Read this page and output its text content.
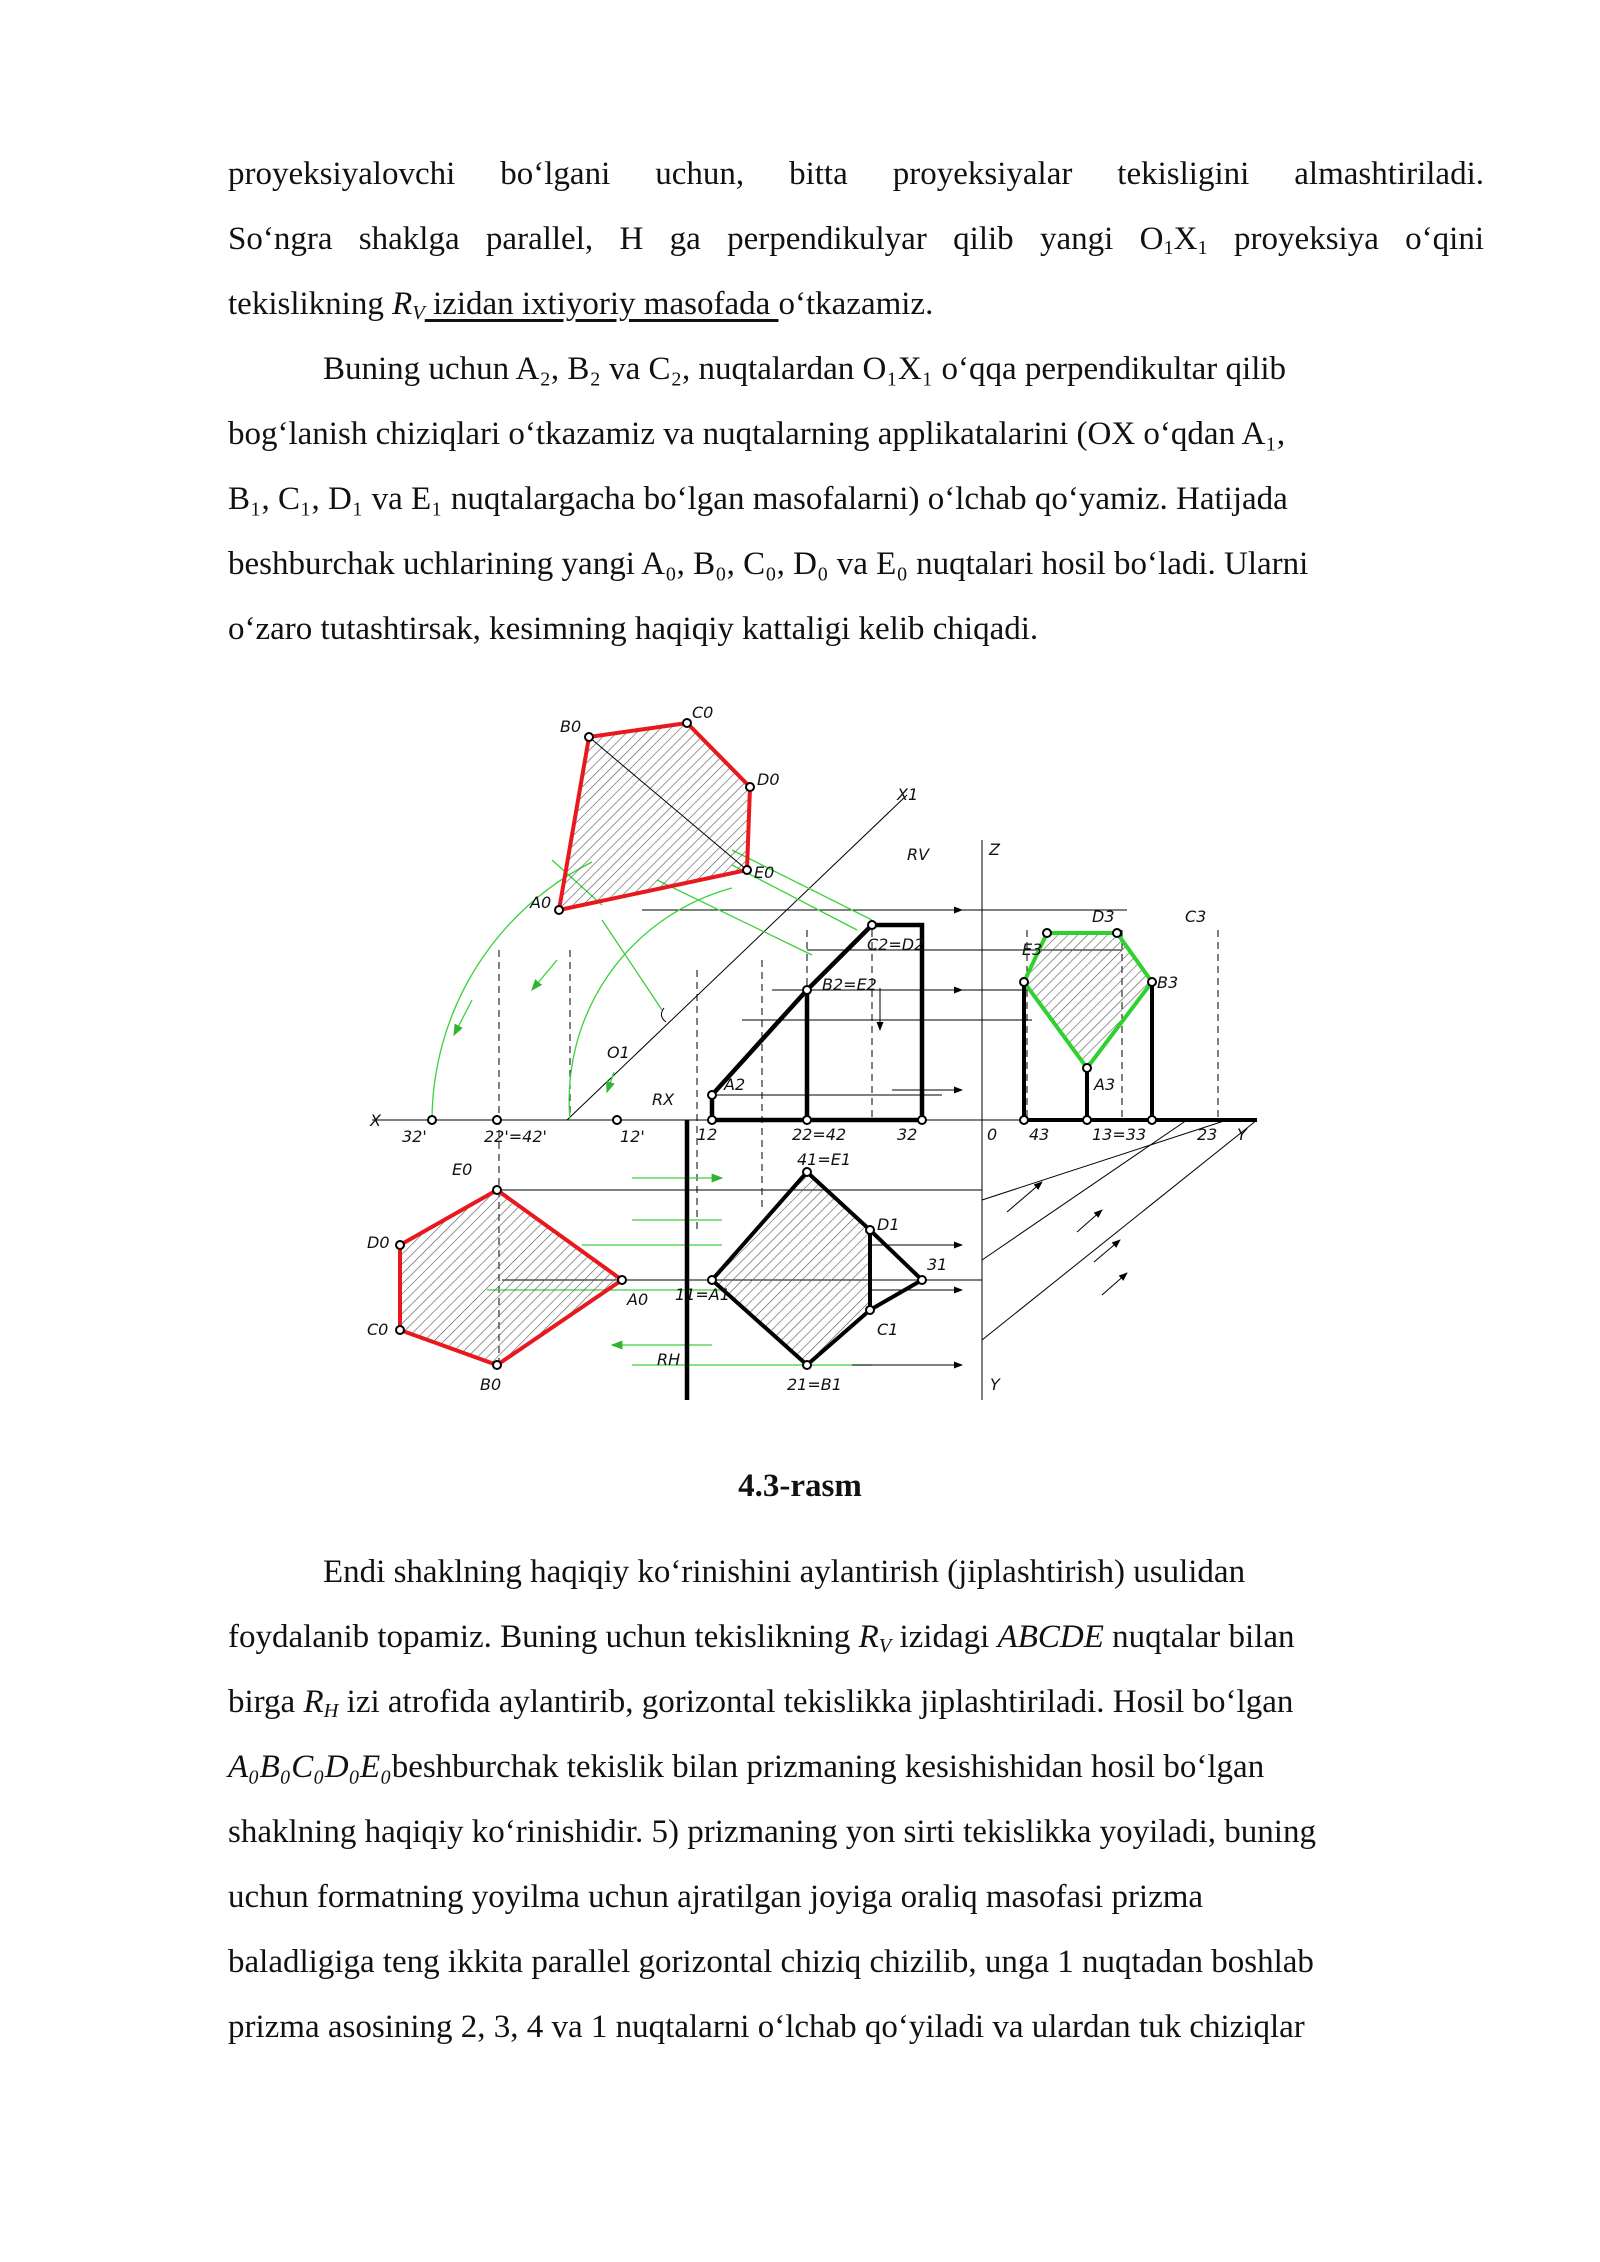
proyeksiyalovchi bo‘lgani uchun, bitta proyeksiyalar tekisligini almashtiriladi.
So‘ngra shaklga parallel, H ga perpendikulyar qilib yangi $O_1X_1$ proyeksiya o‘qini
tekislikning $R_V$ izidan ixtiyoriy masofada o‘tkazamiz.
Buning uchun A₂, B₂ va C₂, nuqtalardan O₁X₁ o‘qqa perpendikultar qilib
bog‘lanish chiziqlari o‘tkazamiz va nuqtalarning applikatalarini (OX o‘qdan A₁,
B₁, C₁, D₁ va E₁ nuqtalargacha bo‘lgan masofalarni) o‘lchab qo‘yamiz. Hatijada
beshburchak uchlarining yangi A₀, B₀, C₀, D₀ va E₀ nuqtalari hosil bo‘ladi. Ularni
o‘zaro tutashtirsak, kesimning haqiqiy kattaligi kelib chiqadi.
B0
C0
D0
E0
A0
X1
RV	Z
C2=D2
B2=E2
A2
O1
RX
X
32'	22'=42'	12'	12	22=42	32	0 43	13=33	23 Y
D3	C3
E3
B3
A3
E0
D0
C0
B0
A0
41=E1
D1
31
11=A1
C1
RH
21=B1	Y
4.3-rasm
Endi shaklning haqiqiy ko‘rinishini aylantirish (jiplashtirish) usulidan
foydalanib topamiz. Buning uchun tekislikning $R_V$ izidagi ABCDE nuqtalar bilan
birga $R_H$ izi atrofida aylantirib, gorizontal tekislikka jiplashtiriladi. Hosil bo‘lgan
A₀B₀C₀D₀E₀beshburchak tekislik bilan prizmaning kesishishidan hosil bo‘lgan
shaklning haqiqiy ko‘rinishidir. 5) prizmaning yon sirti tekislikka yoyiladi, buning
uchun formatning yoyilma uchun ajratilgan joyiga oraliq masofasi prizma
baladligiga teng ikkita parallel gorizontal chiziq chizilib, unga 1 nuqtadan boshlab
prizma asosining 2, 3, 4 va 1 nuqtalarni o‘lchab qo‘yiladi va ulardan tuk chiziqlar
